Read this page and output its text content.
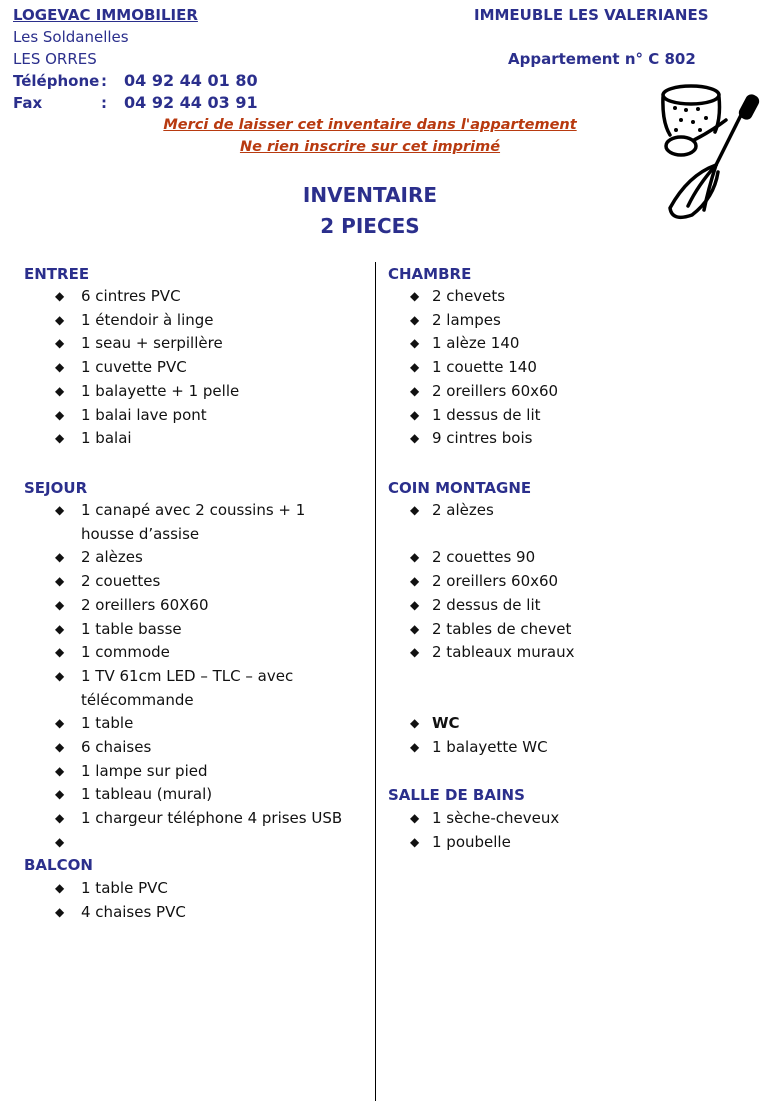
LOGEVAC IMMOBILIER
Les Soldanelles
LES ORRES
Téléphone : 04 92 44 01 80
Fax	: 04 92 44 03 91
IMMEUBLE LES VALERIANES
Appartement n° C 802
Merci de laisser cet inventaire dans l'appartement
Ne rien inscrire sur cet imprimé
INVENTAIRE
2 PIECES
ENTREE
◆ 6 cintres PVC
◆ 1 étendoir à linge
◆ 1 seau + serpillère
◆ 1 cuvette PVC
◆ 1 balayette + 1 pelle
◆ 1 balai lave pont
◆ 1 balai
SEJOUR
◆ 1 canapé avec 2 coussins + 1 housse d’assise
◆ 2 alèzes
◆ 2 couettes
◆ 2 oreillers 60X60
◆ 1 table basse
◆ 1 commode
◆ 1 TV 61cm LED – TLC – avec télécommande
◆ 1 table
◆ 6 chaises
◆ 1 lampe sur pied
◆ 1 tableau (mural)
◆ 1 chargeur téléphone 4 prises USB
◆
BALCON
◆ 1 table PVC
◆ 4 chaises PVC
CHAMBRE
◆ 2 chevets
◆ 2 lampes
◆ 1 alèze 140
◆ 1 couette 140
◆ 2 oreillers 60x60
◆ 1 dessus de lit
◆ 9 cintres bois
COIN MONTAGNE
◆ 2 alèzes
◆ 2 couettes 90
◆ 2 oreillers 60x60
◆ 2 dessus de lit
◆ 2 tables de chevet
◆ 2 tableaux muraux
◆ WC
◆ 1 balayette WC
SALLE DE BAINS
◆ 1 sèche-cheveux
◆ 1 poubelle
